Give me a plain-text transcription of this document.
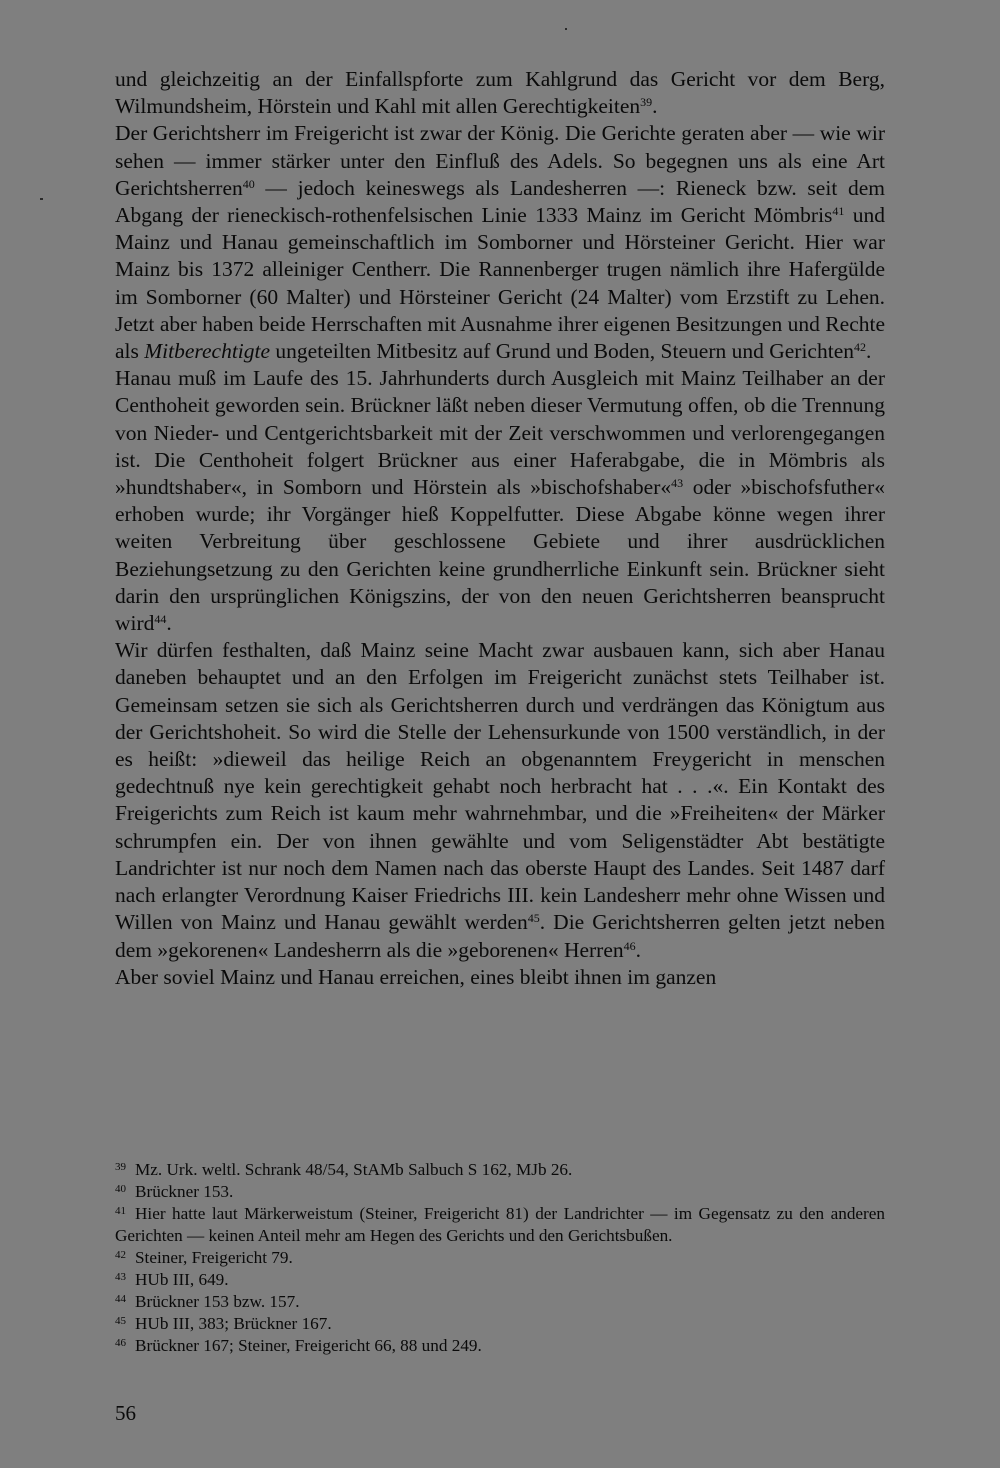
und gleichzeitig an der Einfallspforte zum Kahlgrund das Gericht vor dem Berg, Wilmundsheim, Hörstein und Kahl mit allen Gerechtigkeiten$^{39}$.

Der Gerichtsherr im Freigericht ist zwar der König. Die Gerichte geraten aber — wie wir sehen — immer stärker unter den Einfluß des Adels. So begegnen uns als eine Art Gerichtsherren$^{40}$ — jedoch keineswegs als Landesherren —: Rieneck bzw. seit dem Abgang der rieneckisch-rothenfelsischen Linie 1333 Mainz im Gericht Mömbris$^{41}$ und Mainz und Hanau gemeinschaftlich im Somborner und Hörsteiner Gericht. Hier war Mainz bis 1372 alleiniger Centherr. Die Rannenberger trugen nämlich ihre Hafergülde im Somborner (60 Malter) und Hörsteiner Gericht (24 Malter) vom Erzstift zu Lehen. Jetzt aber haben beide Herrschaften mit Ausnahme ihrer eigenen Besitzungen und Rechte als Mitberechtigte ungeteilten Mitbesitz auf Grund und Boden, Steuern und Gerichten$^{42}$.

Hanau muß im Laufe des 15. Jahrhunderts durch Ausgleich mit Mainz Teilhaber an der Centhoheit geworden sein. Brückner läßt neben dieser Vermutung offen, ob die Trennung von Nieder- und Centgerichtsbarkeit mit der Zeit verschwommen und verlorengegangen ist. Die Centhoheit folgert Brückner aus einer Haferabgabe, die in Mömbris als »hundtshaber«, in Somborn und Hörstein als »bischofshaber«$^{43}$ oder »bischofsfuther« erhoben wurde; ihr Vorgänger hieß Koppelfutter. Diese Abgabe könne wegen ihrer weiten Verbreitung über geschlossene Gebiete und ihrer ausdrücklichen Beziehungsetzung zu den Gerichten keine grundherrliche Einkunft sein. Brückner sieht darin den ursprünglichen Königszins, der von den neuen Gerichtsherren beansprucht wird$^{44}$.

Wir dürfen festhalten, daß Mainz seine Macht zwar ausbauen kann, sich aber Hanau daneben behauptet und an den Erfolgen im Freigericht zunächst stets Teilhaber ist. Gemeinsam setzen sie sich als Gerichtsherren durch und verdrängen das Königtum aus der Gerichtshoheit. So wird die Stelle der Lehensurkunde von 1500 verständlich, in der es heißt: »dieweil das heilige Reich an obgenanntem Freygericht in menschen gedechtnuß nye kein gerechtigkeit gehabt noch herbracht hat . . .«. Ein Kontakt des Freigerichts zum Reich ist kaum mehr wahrnehmbar, und die »Freiheiten« der Märker schrumpfen ein. Der von ihnen gewählte und vom Seligenstädter Abt bestätigte Landrichter ist nur noch dem Namen nach das oberste Haupt des Landes. Seit 1487 darf nach erlangter Verordnung Kaiser Friedrichs III. kein Landesherr mehr ohne Wissen und Willen von Mainz und Hanau gewählt werden$^{45}$. Die Gerichtsherren gelten jetzt neben dem »gekorenen« Landesherrn als die »geborenen« Herren$^{46}$.

Aber soviel Mainz und Hanau erreichen, eines bleibt ihnen im ganzen

39 Mz. Urk. weltl. Schrank 48/54, StAMb Salbuch S 162, MJb 26.

40 Brückner 153.

41 Hier hatte laut Märkerweistum (Steiner, Freigericht 81) der Landrichter — im Gegensatz zu den anderen Gerichten — keinen Anteil mehr am Hegen des Gerichts und den Gerichtsbußen.

42 Steiner, Freigericht 79.

43 HUb III, 649.

44 Brückner 153 bzw. 157.

45 HUb III, 383; Brückner 167.

46 Brückner 167; Steiner, Freigericht 66, 88 und 249.

56
